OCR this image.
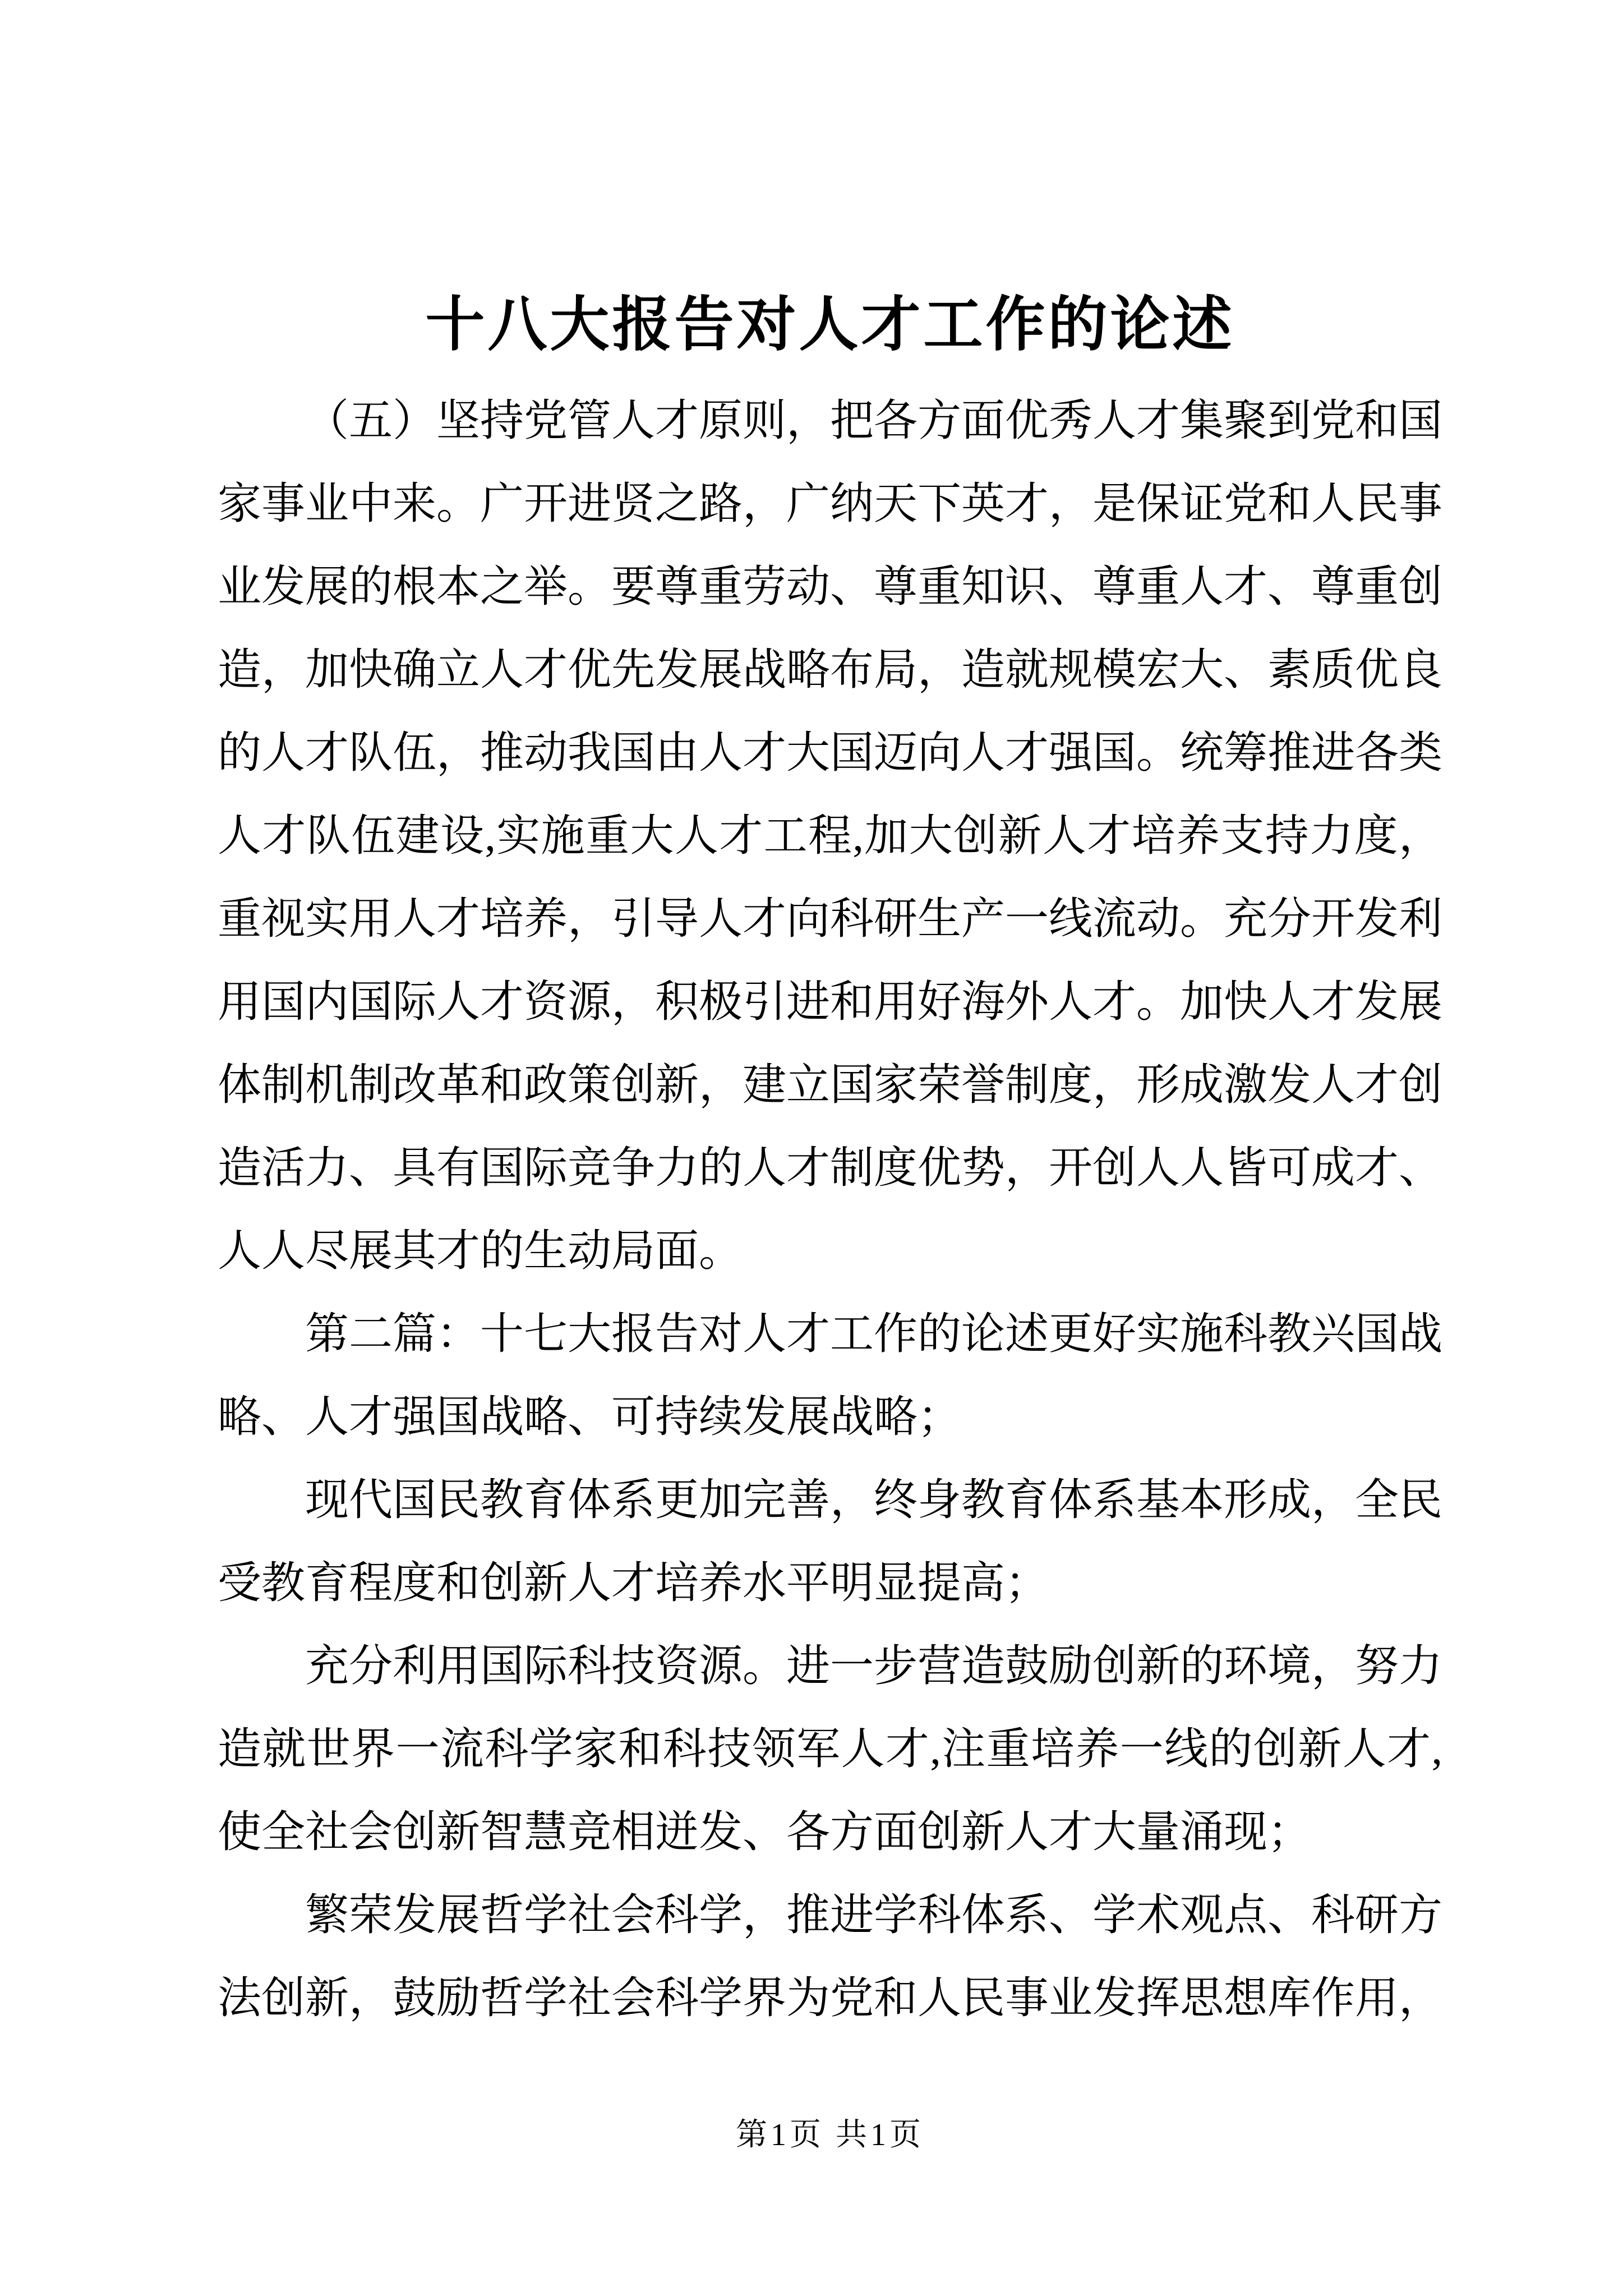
十八大报告对人才工作的论述
（五）坚持党管人才原则，把各方面优秀人才集聚到党和国
家事业中来。广开进贤之路，广纳天下英才，是保证党和人民事
业发展的根本之举。要尊重劳动、尊重知识、尊重人才、尊重创
造，加快确立人才优先发展战略布局，造就规模宏大、素质优良
的人才队伍，推动我国由人才大国迈向人才强国。统筹推进各类
人才队伍建设,实施重大人才工程,加大创新人才培养支持力度，
重视实用人才培养，引导人才向科研生产一线流动。充分开发利
用国内国际人才资源，积极引进和用好海外人才。加快人才发展
体制机制改革和政策创新，建立国家荣誉制度，形成激发人才创
造活力、具有国际竞争力的人才制度优势，开创人人皆可成才、
人人尽展其才的生动局面。
第二篇：十七大报告对人才工作的论述更好实施科教兴国战
略、人才强国战略、可持续发展战略；
现代国民教育体系更加完善，终身教育体系基本形成，全民
受教育程度和创新人才培养水平明显提高；
充分利用国际科技资源。进一步营造鼓励创新的环境，努力
造就世界一流科学家和科技领军人才,注重培养一线的创新人才,
使全社会创新智慧竞相迸发、各方面创新人才大量涌现；
繁荣发展哲学社会科学，推进学科体系、学术观点、科研方
法创新，鼓励哲学社会科学界为党和人民事业发挥思想库作用，
第1页 共1页
